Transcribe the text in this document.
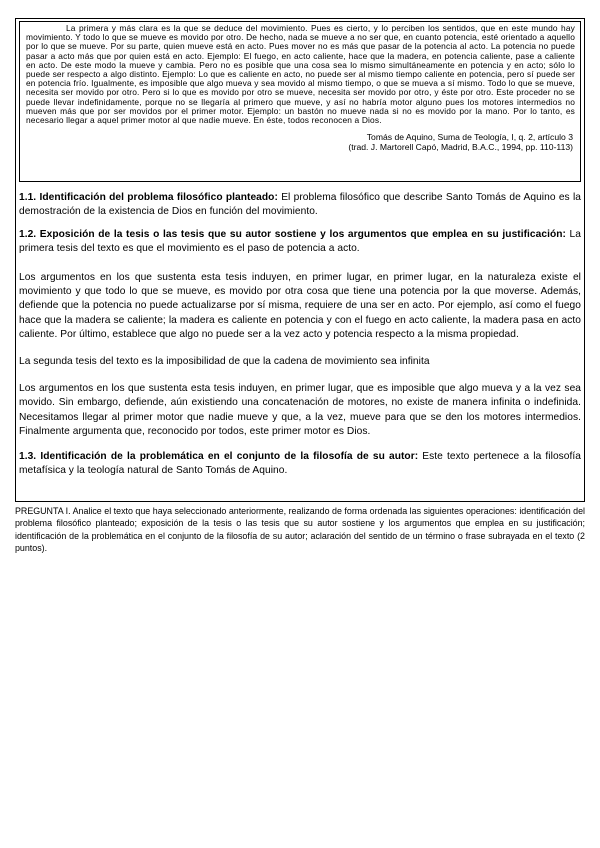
La primera y más clara es la que se deduce del movimiento. Pues es cierto, y lo perciben los sentidos, que en este mundo hay movimiento. Y todo lo que se mueve es movido por otro. De hecho, nada se mueve a no ser que, en cuanto potencia, esté orientado a aquello por lo que se mueve. Por su parte, quien mueve está en acto. Pues mover no es más que pasar de la potencia al acto. La potencia no puede pasar a acto más que por quien está en acto. Ejemplo: El fuego, en acto caliente, hace que la madera, en potencia caliente, pase a caliente en acto. De este modo la mueve y cambia. Pero no es posible que una cosa sea lo mismo simultáneamente en potencia y en acto; sólo lo puede ser respecto a algo distinto. Ejemplo: Lo que es caliente en acto, no puede ser al mismo tiempo caliente en potencia, pero sí puede ser en potencia frío. Igualmente, es imposible que algo mueva y sea movido al mismo tiempo, o que se mueva a sí mismo. Todo lo que se mueve, necesita ser movido por otro. Pero si lo que es movido por otro se mueve, necesita ser movido por otro, y éste por otro. Este proceder no se puede llevar indefinidamente, porque no se llegaría al primero que mueve, y así no habría motor alguno pues los motores intermedios no mueven más que por ser movidos por el primer motor. Ejemplo: un bastón no mueve nada si no es movido por la mano. Por lo tanto, es necesario llegar a aquel primer motor al que nadie mueve. En éste, todos reconocen a Dios.
Tomás de Aquino, Suma de Teología, I, q. 2, artículo 3
(trad. J. Martorell Capó, Madrid, B.A.C., 1994, pp. 110-113)

1.1. Identificación del problema filosófico planteado: El problema filosófico que describe Santo Tomás de Aquino es la demostración de la existencia de Dios en función del movimiento.

1.2. Exposición de la tesis o las tesis que su autor sostiene y los argumentos que emplea en su justificación: La primera tesis del texto es que el movimiento es el paso de potencia a acto.

Los argumentos en los que sustenta esta tesis induyen, en primer lugar, en primer lugar, en la naturaleza existe el movimiento y que todo lo que se mueve, es movido por otra cosa que tiene una potencia por la que moverse. Además, defiende que la potencia no puede actualizarse por sí misma, requiere de una ser en acto. Por ejemplo, así como el fuego hace que la madera se caliente; la madera es caliente en potencia y con el fuego en acto caliente, la madera pasa en acto caliente. Por último, establece que algo no puede ser a la vez acto y potencia respecto a la misma propiedad.

La segunda tesis del texto es la imposibilidad de que la cadena de movimiento sea infinita

Los argumentos en los que sustenta esta tesis induyen, en primer lugar, que es imposible que algo mueva y a la vez sea movido. Sin embargo, defiende, aún existiendo una concatenación de motores, no existe de manera infinita o indefinida. Necesitamos llegar al primer motor que nadie mueve y que, a la vez, mueve para que se den los motores intermedios. Finalmente argumenta que, reconocido por todos, este primer motor es Dios.

1.3. Identificación de la problemática en el conjunto de la filosofía de su autor: Este texto pertenece a la filosofía metafísica y la teología natural de Santo Tomás de Aquino.

PREGUNTA I. Analice el texto que haya seleccionado anteriormente, realizando de forma ordenada las siguientes operaciones: identificación del problema filosófico planteado; exposición de la tesis o las tesis que su autor sostiene y los argumentos que emplea en su justificación; identificación de la problemática en el conjunto de la filosofía de su autor; aclaración del sentido de un término o frase subrayada en el texto (2 puntos).
